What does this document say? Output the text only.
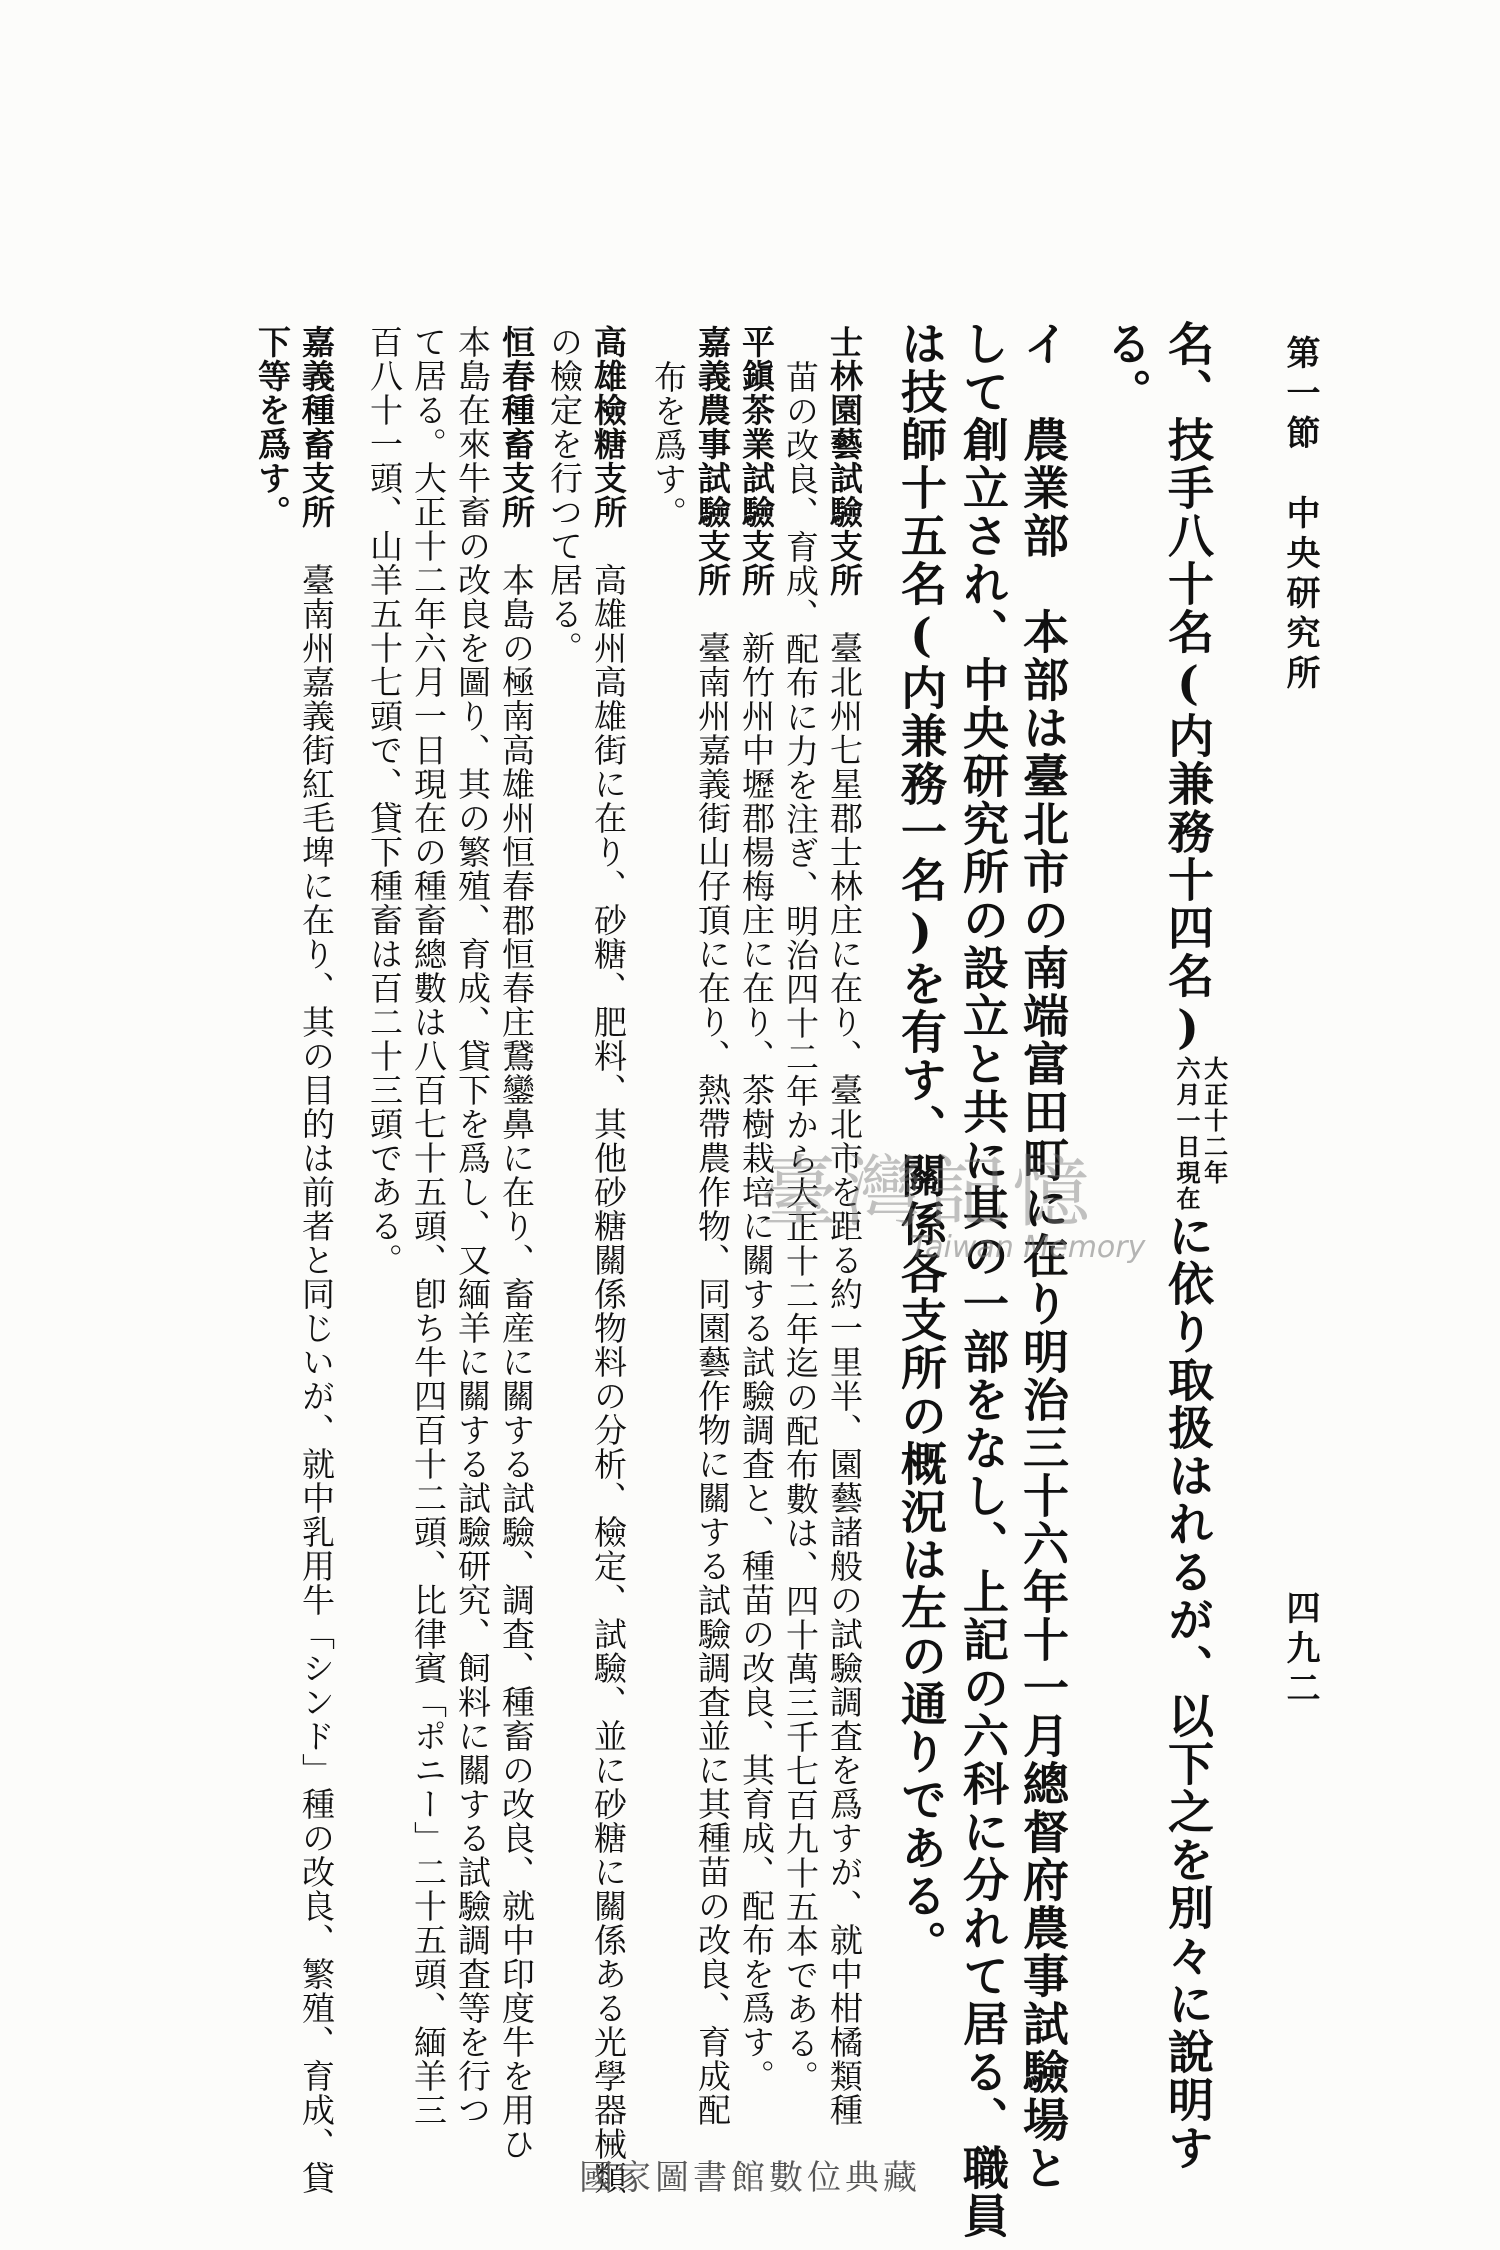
第一節　中央研究所
四九二
名、技手八十名(内兼務十四名)
大正十二年
六月一日現在
に依り取扱はれるが、以下之を別々に說明す
る。
イ　農業部　本部は臺北市の南端富田町に在り明治三十六年十一月總督府農事試驗場と
して創立され、中央研究所の設立と共に其の一部をなし、上記の六科に分れて居る、職員
は技師十五名(内兼務一名)を有す、關係各支所の概況は左の通りである。
士林園藝試驗支所　臺北州七星郡士林庄に在り、臺北市を距る約一里半、園藝諸般の試驗調査を爲すが、就中柑橘類種
苗の改良、育成、配布に力を注ぎ、明治四十二年から大正十二年迄の配布數は、四十萬三千七百九十五本である。
平鎭茶業試驗支所　新竹州中壢郡楊梅庄に在り、茶樹栽培に關する試驗調査と、種苗の改良、其育成、配布を爲す。
嘉義農事試驗支所　臺南州嘉義街山仔頂に在り、熱帶農作物、同園藝作物に關する試驗調査並に其種苗の改良、育成配
布を爲す。
高雄檢糖支所　高雄州高雄街に在り、砂糖、肥料、其他砂糖關係物料の分析、檢定、試驗、並に砂糖に關係ある光學器械類
の檢定を行つて居る。
恒春種畜支所　本島の極南高雄州恒春郡恒春庄鵞鑾鼻に在り、畜産に關する試驗、調査、種畜の改良、就中印度牛を用ひ
本島在來牛畜の改良を圖り、其の繁殖、育成、貸下を爲し、又緬羊に關する試驗研究、飼料に關する試驗調査等を行つ
て居る。大正十二年六月一日現在の種畜總數は八百七十五頭、卽ち牛四百十二頭、比律賓「ポニー」二十五頭、緬羊三
百八十一頭、山羊五十七頭で、貸下種畜は百二十三頭である。
嘉義種畜支所　臺南州嘉義街紅毛埤に在り、其の目的は前者と同じいが、就中乳用牛「シンド」種の改良、繁殖、育成、貸
下等を爲す。
臺灣記憶
Taiwan Memory
國家圖書館數位典藏
